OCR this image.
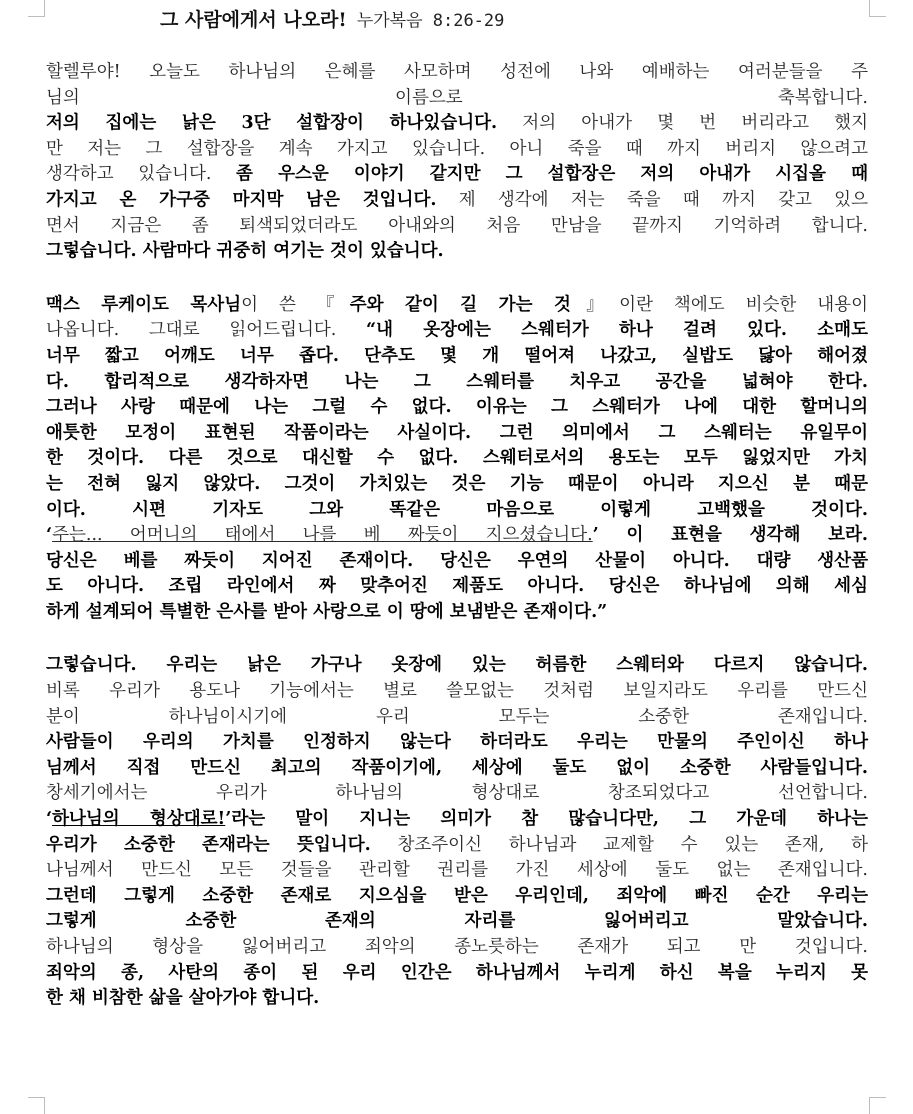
그 사람에게서 나오라! 누가복음 8:26-29
할렐루야! 오늘도 하나님의 은혜를 사모하며 성전에 나와 예배하는 여러분들을 주
님의 이름으로 축복합니다.
저의 집에는 낡은 3단 설합장이 하나있습니다. 저의 아내가 몇 번 버리라고 했지
만 저는 그 설합장을 계속 가지고 있습니다. 아니 죽을 때 까지 버리지 않으려고
생각하고 있습니다. 좀 우스운 이야기 같지만 그 설합장은 저의 아내가 시집올 때
가지고 온 가구중 마지막 남은 것입니다. 제 생각에 저는 죽을 때 까지 갖고 있으
면서 지금은 좀 퇴색되었더라도 아내와의 처음 만남을 끝까지 기억하려 합니다.
그렇습니다. 사람마다 귀중히 여기는 것이 있습니다.
맥스 루케이도 목사님이 쓴 『주와 같이 길 가는 것』이란 책에도 비슷한 내용이
나옵니다. 그대로 읽어드립니다. “내 옷장에는 스웨터가 하나 걸려 있다. 소매도
너무 짧고 어깨도 너무 좁다. 단추도 몇 개 떨어져 나갔고, 실밥도 닳아 해어졌
다. 합리적으로 생각하자면 나는 그 스웨터를 치우고 공간을 넓혀야 한다.
그러나 사랑 때문에 나는 그럴 수 없다. 이유는 그 스웨터가 나에 대한 할머니의
애틋한 모정이 표현된 작품이라는 사실이다. 그런 의미에서 그 스웨터는 유일무이
한 것이다. 다른 것으로 대신할 수 없다. 스웨터로서의 용도는 모두 잃었지만 가치
는 전혀 잃지 않았다. 그것이 가치있는 것은 기능 때문이 아니라 지으신 분 때문
이다. 시편 기자도 그와 똑같은 마음으로 이렇게 고백했을 것이다.
‘주는... 어머니의 태에서 나를 베 짜듯이 지으셨습니다.’ 이 표현을 생각해 보라.
당신은 베를 짜듯이 지어진 존재이다. 당신은 우연의 산물이 아니다. 대량 생산품
도 아니다. 조립 라인에서 짜 맞추어진 제품도 아니다. 당신은 하나님에 의해 세심
하게 설계되어 특별한 은사를 받아 사랑으로 이 땅에 보냄받은 존재이다.”
그렇습니다. 우리는 낡은 가구나 옷장에 있는 허름한 스웨터와 다르지 않습니다.
비록 우리가 용도나 기능에서는 별로 쓸모없는 것처럼 보일지라도 우리를 만드신
분이 하나님이시기에 우리 모두는 소중한 존재입니다.
사람들이 우리의 가치를 인정하지 않는다 하더라도 우리는 만물의 주인이신 하나
님께서 직접 만드신 최고의 작품이기에, 세상에 둘도 없이 소중한 사람들입니다.
창세기에서는 우리가 하나님의 형상대로 창조되었다고 선언합니다.
‘하나님의 형상대로!’라는 말이 지니는 의미가 참 많습니다만, 그 가운데 하나는
우리가 소중한 존재라는 뜻입니다. 창조주이신 하나님과 교제할 수 있는 존재, 하
나님께서 만드신 모든 것들을 관리할 권리를 가진 세상에 둘도 없는 존재입니다.
그런데 그렇게 소중한 존재로 지으심을 받은 우리인데, 죄악에 빠진 순간 우리는
그렇게 소중한 존재의 자리를 잃어버리고 말았습니다.
하나님의 형상을 잃어버리고 죄악의 종노릇하는 존재가 되고 만 것입니다.
죄악의 종, 사탄의 종이 된 우리 인간은 하나님께서 누리게 하신 복을 누리지 못
한 채 비참한 삶을 살아가야 합니다.
